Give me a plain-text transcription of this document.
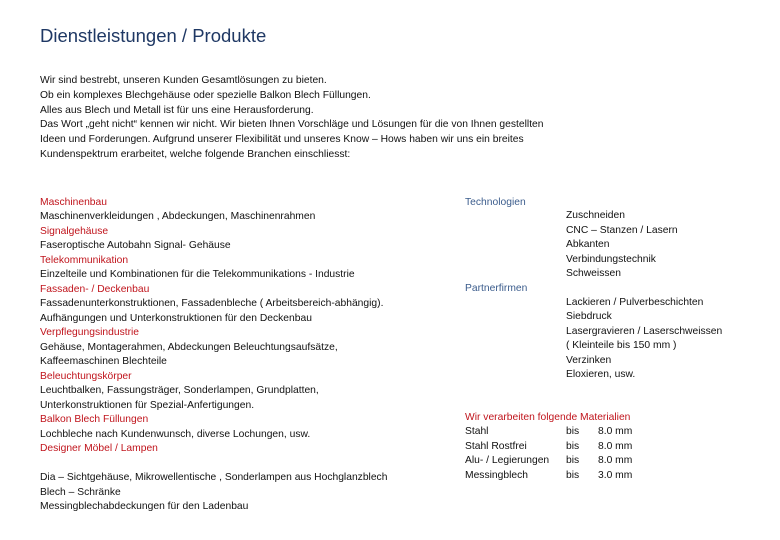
Dienstleistungen / Produkte
Wir sind bestrebt, unseren Kunden Gesamtlösungen zu bieten.
Ob ein komplexes Blechgehäuse oder spezielle Balkon Blech Füllungen.
Alles aus Blech und Metall ist für uns eine Herausforderung.
Das Wort „geht nicht“ kennen wir nicht. Wir bieten Ihnen Vorschläge und Lösungen für die von Ihnen gestellten
Ideen und Forderungen. Aufgrund unserer Flexibilität und unseres Know – Hows haben wir uns ein breites
Kundenspektrum erarbeitet, welche folgende Branchen einschliesst:
Maschinenbau
Maschinenverkleidungen , Abdeckungen, Maschinenrahmen
Signalgehäuse
Faseroptische Autobahn Signal- Gehäuse
Telekommunikation
Einzelteile und Kombinationen für die Telekommunikations - Industrie
Fassaden- / Deckenbau
Fassadenunterkonstruktionen, Fassadenbleche ( Arbeitsbereich-abhängig).
Aufhängungen und Unterkonstruktionen für den Deckenbau
Verpflegungsindustrie
Gehäuse, Montagerahmen, Abdeckungen Beleuchtungsaufsätze,
Kaffeemaschinen Blechteile
Beleuchtungskörper
Leuchtbalken, Fassungsträger, Sonderlampen, Grundplatten,
Unterkonstruktionen für Spezial-Anfertigungen.
Balkon Blech Füllungen
Lochbleche nach Kundenwunsch, diverse Lochungen, usw.
Designer Möbel / Lampen
Dia – Sichtgehäuse, Mikrowellentische , Sonderlampen aus Hochglanzblech
Blech – Schränke
Messingblechabdeckungen für den Ladenbau
Technologien
Zuschneiden
CNC – Stanzen / Lasern
Abkanten
Verbindungstechnik
Schweissen
Partnerfirmen
Lackieren / Pulverbeschichten
Siebdruck
Lasergravieren / Laserschweissen
( Kleinteile bis 150 mm )
Verzinken
Eloxieren, usw.
Wir verarbeiten folgende Materialien
Stahl	bis 8.0 mm
Stahl Rostfrei	bis 8.0 mm
Alu- / Legierungen bis 8.0 mm
Messingblech	bis 3.0 mm
